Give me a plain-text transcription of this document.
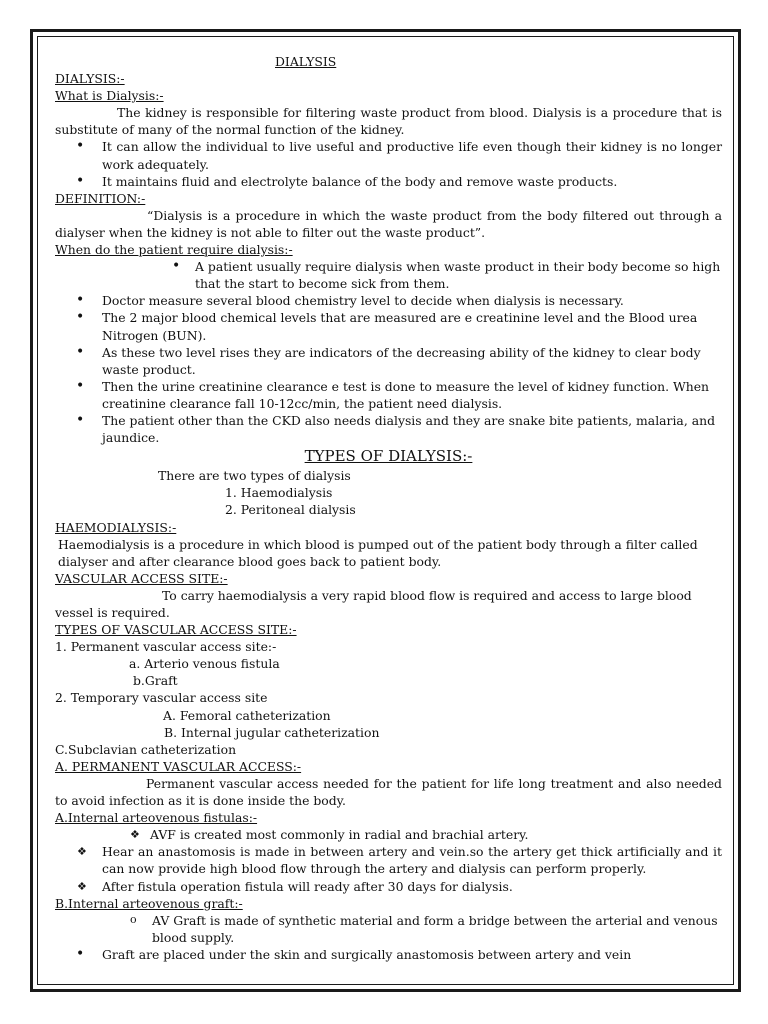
DIALYSIS

DIALYSIS:-

What is Dialysis:-

The kidney is responsible for filtering waste product from blood. Dialysis is a procedure that is substitute of many of the normal function of the kidney.

• It can allow the individual to live useful and productive life even though their kidney is no longer work adequately.
• It maintains fluid and electrolyte balance of the body and remove waste products.

DEFINITION:-

“Dialysis is a procedure in which the waste product from the body filtered out through a dialyser when the kidney is not able to filter out the waste product”.

When do the patient require dialysis:-

• A patient usually require dialysis when waste product in their body become so high that the start to become sick from them.
• Doctor measure several blood chemistry level to decide when dialysis is necessary.
• The 2 major blood chemical levels that are measured are e creatinine level and the Blood urea Nitrogen (BUN).
• As these two level rises they are indicators of the decreasing ability of the kidney to clear body waste product.
• Then the urine creatinine clearance e test is done to measure the level of kidney function. When creatinine clearance fall 10-12cc/min, the patient need dialysis.
• The patient other than the CKD also needs dialysis and they are snake bite patients, malaria, and jaundice.

TYPES OF DIALYSIS:-

There are two types of dialysis

1. Haemodialysis

2. Peritoneal dialysis

HAEMODIALYSIS:-

Haemodialysis is a procedure in which blood is pumped out of the patient body through a filter called dialyser and after clearance blood goes back to patient body.

VASCULAR ACCESS SITE:-

To carry haemodialysis a very rapid blood flow is required and access to large blood vessel is required.

TYPES OF VASCULAR ACCESS SITE:-

1. Permanent vascular access site:-

a. Arterio venous fistula

b.Graft

2. Temporary vascular access site

A. Femoral catheterization

B. Internal jugular catheterization

C.Subclavian catheterization

A. PERMANENT VASCULAR ACCESS:-

Permanent vascular access needed for the patient for life long treatment and also needed to avoid infection as it is done inside the body.

A.Internal arteovenous fistulas:-

❖ AVF is created most commonly in radial and brachial artery.
❖ Hear an anastomosis is made in between artery and vein.so the artery get thick artificially and it can now provide high blood flow through the artery and dialysis can perform properly.
❖ After fistula operation fistula will ready after 30 days for dialysis.

B.Internal arteovenous graft:-

o AV Graft is made of synthetic material and form a bridge between the arterial and venous blood supply.
• Graft are placed under the skin and surgically anastomosis between artery and vein
